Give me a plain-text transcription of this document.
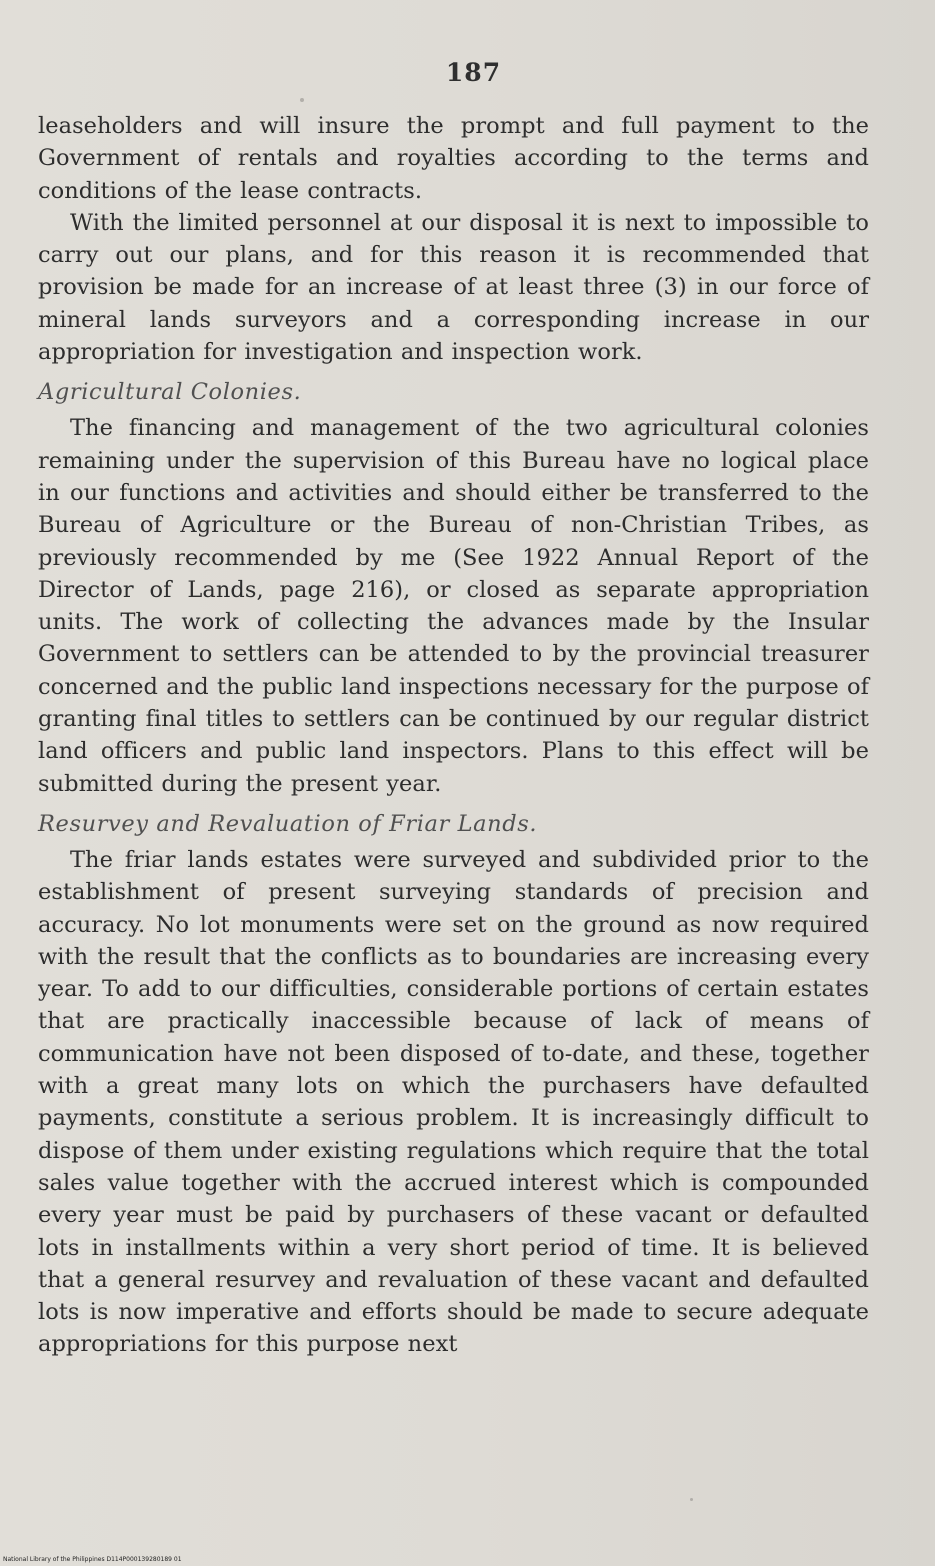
187

leaseholders and will insure the prompt and full payment to the Government of rentals and royalties according to the terms and conditions of the lease contracts.

With the limited personnel at our disposal it is next to impossible to carry out our plans, and for this reason it is recommended that provision be made for an increase of at least three (3) in our force of mineral lands surveyors and a corresponding increase in our appropriation for investigation and inspection work.

Agricultural Colonies.

The financing and management of the two agricultural colonies remaining under the supervision of this Bureau have no logical place in our functions and activities and should either be transferred to the Bureau of Agriculture or the Bureau of non-Christian Tribes, as previously recommended by me (See 1922 Annual Report of the Director of Lands, page 216), or closed as separate appropriation units. The work of collecting the advances made by the Insular Government to settlers can be attended to by the provincial treasurer concerned and the public land inspections necessary for the purpose of granting final titles to settlers can be continued by our regular district land officers and public land inspectors. Plans to this effect will be submitted during the present year.

Resurvey and Revaluation of Friar Lands.

The friar lands estates were surveyed and subdivided prior to the establishment of present surveying standards of precision and accuracy. No lot monuments were set on the ground as now required with the result that the conflicts as to boundaries are increasing every year. To add to our difficulties, considerable portions of certain estates that are practically inaccessible because of lack of means of communication have not been disposed of to-date, and these, together with a great many lots on which the purchasers have defaulted payments, constitute a serious problem. It is increasingly difficult to dispose of them under existing regulations which require that the total sales value together with the accrued interest which is compounded every year must be paid by purchasers of these vacant or defaulted lots in installments within a very short period of time. It is believed that a general resurvey and revaluation of these vacant and defaulted lots is now imperative and efforts should be made to secure adequate appropriations for this purpose next

National Library of the Philippines D114P000139280189 01
